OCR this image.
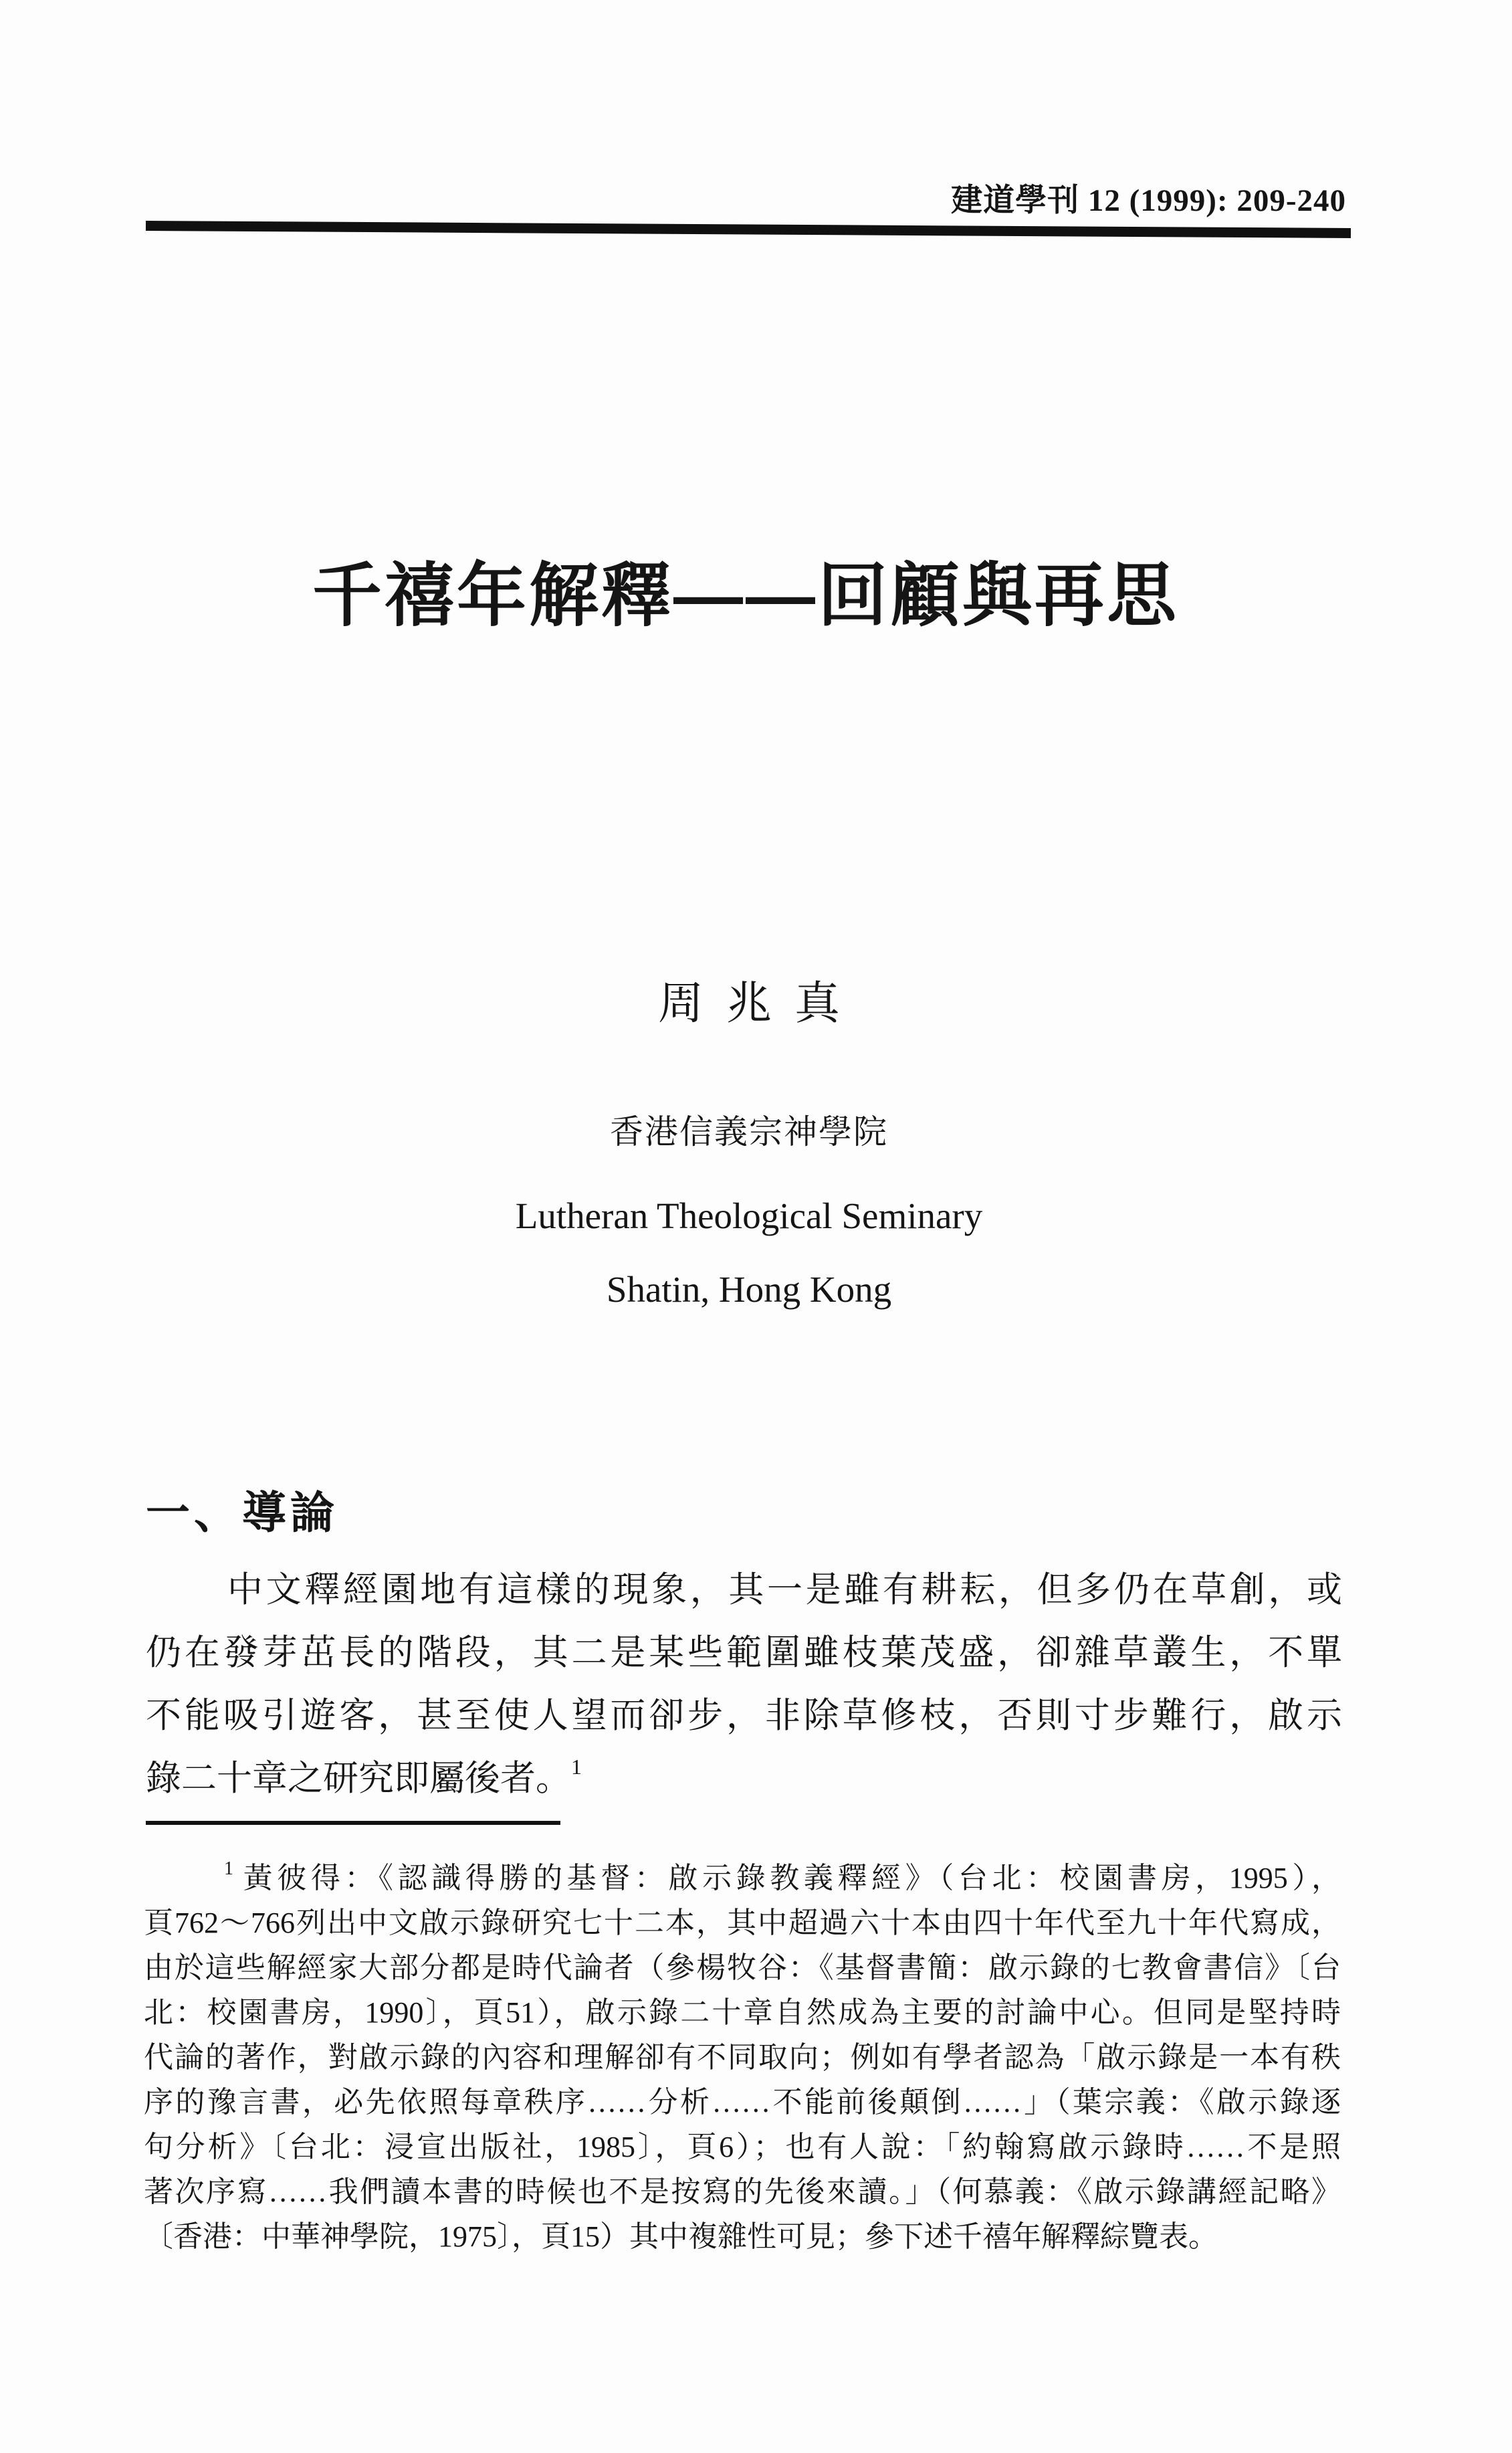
建道學刊 12 (1999): 209-240
千禧年解釋——回顧與再思
周兆真
香港信義宗神學院
Lutheran Theological Seminary
Shatin, Hong Kong
一、導論
中文釋經園地有這樣的現象，其一是雖有耕耘，但多仍在草創，或
仍在發芽茁長的階段，其二是某些範圍雖枝葉茂盛，卻雜草叢生，不單
不能吸引遊客，甚至使人望而卻步，非除草修枝，否則寸步難行，啟示
錄二十章之研究即屬後者。$^1$
$^1$ 黃彼得：《認識得勝的基督：啟示錄教義釋經》（台北：校園書房，1995），
頁762～766列出中文啟示錄研究七十二本，其中超過六十本由四十年代至九十年代寫成，
由於這些解經家大部分都是時代論者（參楊牧谷：《基督書簡：啟示錄的七教會書信》〔台
北：校園書房，1990〕，頁51），啟示錄二十章自然成為主要的討論中心。但同是堅持時
代論的著作，對啟示錄的內容和理解卻有不同取向；例如有學者認為「啟示錄是一本有秩
序的豫言書，必先依照每章秩序……分析……不能前後顛倒……」（葉宗義：《啟示錄逐
句分析》〔台北：浸宣出版社，1985〕，頁6）；也有人說：「約翰寫啟示錄時……不是照
著次序寫……我們讀本書的時候也不是按寫的先後來讀。」（何慕義：《啟示錄講經記略》
〔香港：中華神學院，1975〕，頁15）其中複雜性可見；參下述千禧年解釋綜覽表。
